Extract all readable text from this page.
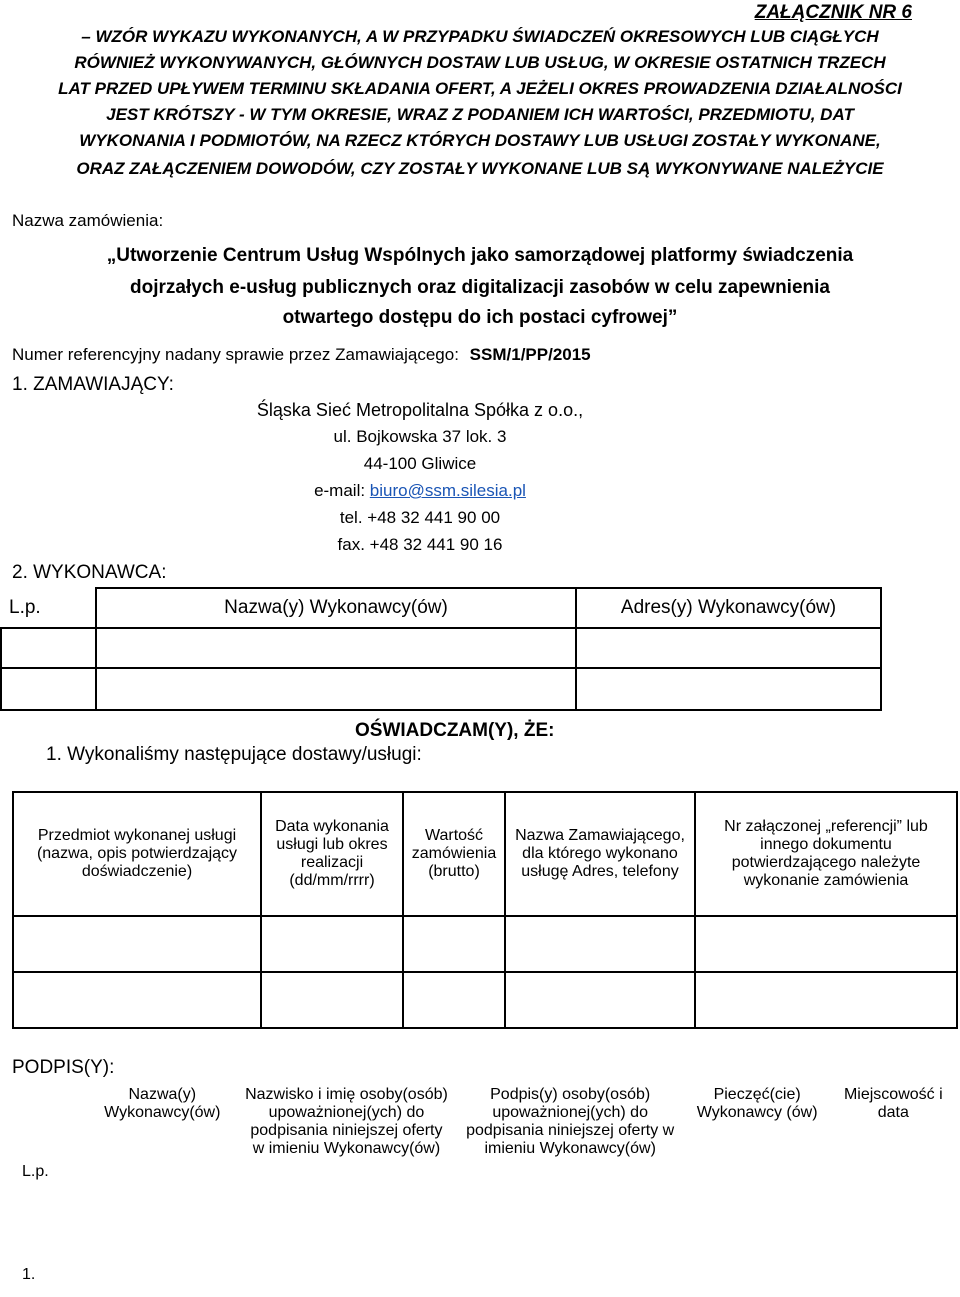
ZAŁĄCZNIK NR 6
– WZÓR WYKAZU WYKONANYCH, A W PRZYPADKU ŚWIADCZEŃ OKRESOWYCH LUB CIĄGŁYCH
RÓWNIEŻ WYKONYWANYCH, GŁÓWNYCH DOSTAW LUB USŁUG, W OKRESIE OSTATNICH TRZECH
LAT PRZED UPŁYWEM TERMINU SKŁADANIA OFERT, A JEŻELI OKRES PROWADZENIA DZIAŁALNOŚCI
JEST KRÓTSZY - W TYM OKRESIE, WRAZ Z PODANIEM ICH WARTOŚCI, PRZEDMIOTU, DAT
WYKONANIA I PODMIOTÓW, NA RZECZ KTÓRYCH DOSTAWY LUB USŁUGI ZOSTAŁY WYKONANE,
ORAZ ZAŁĄCZENIEM DOWODÓW, CZY ZOSTAŁY WYKONANE LUB SĄ WYKONYWANE NALEŻYCIE
Nazwa zamówienia:
„Utworzenie Centrum Usług Wspólnych jako samorządowej platformy świadczenia
dojrzałych e-usług publicznych oraz digitalizacji zasobów w celu zapewnienia
otwartego dostępu do ich postaci cyfrowej”
Numer referencyjny nadany sprawie przez Zamawiającego: SSM/1/PP/2015
1. ZAMAWIAJĄCY:
Śląska Sieć Metropolitalna Spółka z o.o.,
ul. Bojkowska 37 lok. 3
44-100 Gliwice
e-mail: biuro@ssm.silesia.pl
tel. +48 32 441 90 00
fax. +48 32 441 90 16
2. WYKONAWCA:
L.p.	Nazwa(y) Wykonawcy(ów)	Adres(y) Wykonawcy(ów)

OŚWIADCZAM(Y), ŻE:
1. Wykonaliśmy następujące dostawy/usługi:
Przedmiot wykonanej usługi (nazwa, opis potwierdzający doświadczenie)	Data wykonania usługi lub okres realizacji (dd/mm/rrrr)	Wartość zamówienia (brutto)	Nazwa Zamawiającego, dla którego wykonano usługę Adres, telefony	Nr załączonej „referencji” lub innego dokumentu potwierdzającego należyte wykonanie zamówienia

PODPIS(Y):
L.p.	Nazwa(y) Wykonawcy(ów)	Nazwisko i imię osoby(osób) upoważnionej(ych) do podpisania niniejszej oferty w imieniu Wykonawcy(ów)	Podpis(y) osoby(osób) upoważnionej(ych) do podpisania niniejszej oferty w imieniu Wykonawcy(ów)	Pieczęć(cie) Wykonawcy (ów)	Miejscowość i data
1.					
